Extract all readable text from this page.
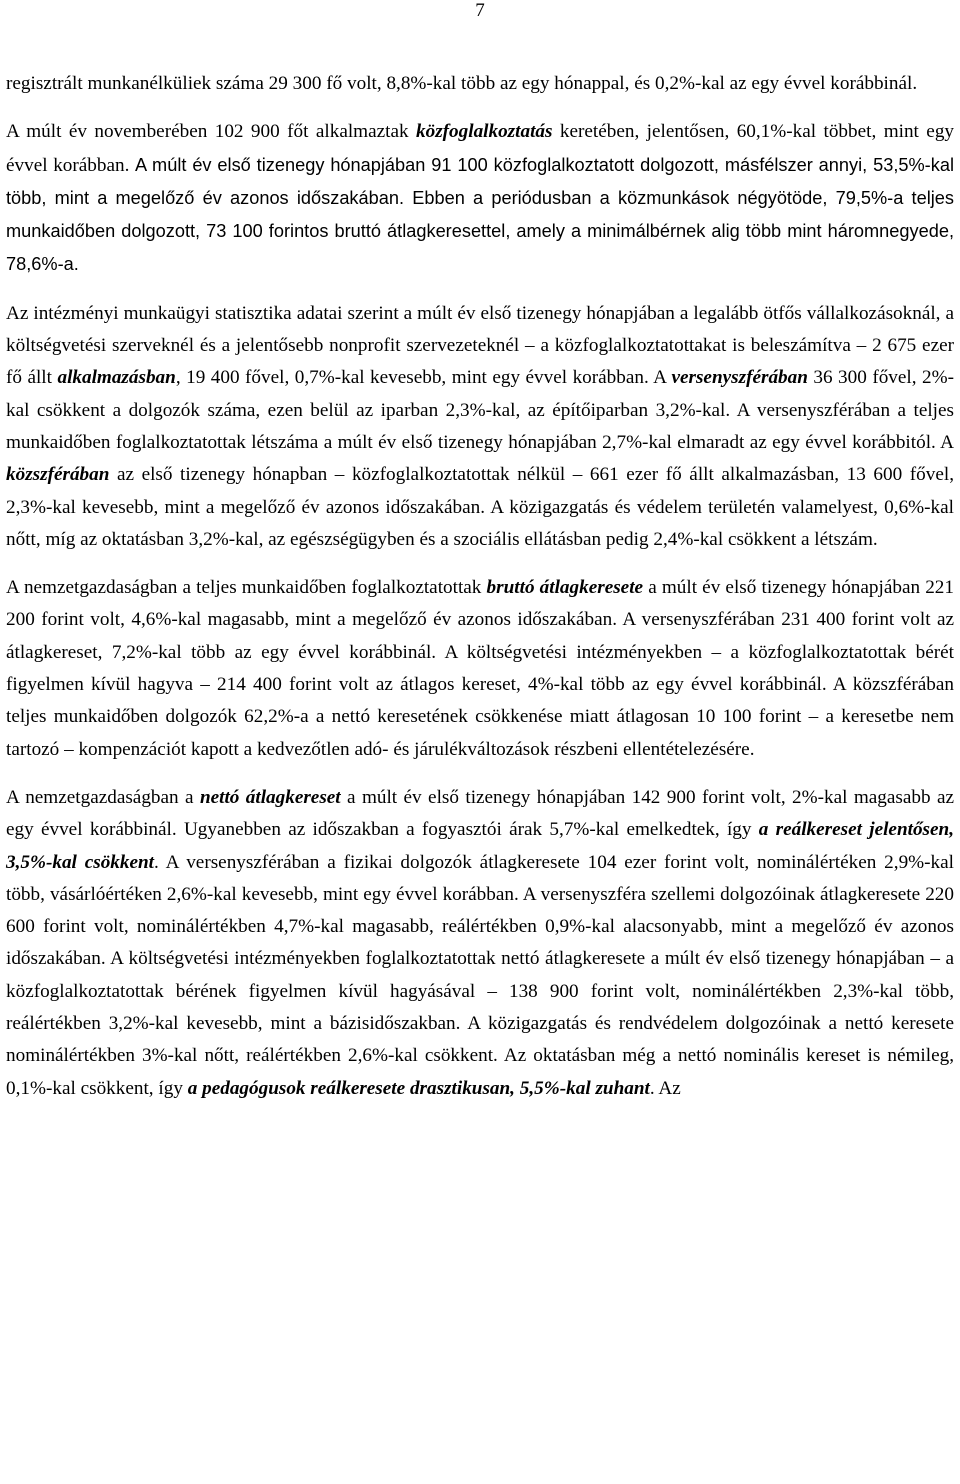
7

regisztrált munkanélküliek száma 29 300 fő volt, 8,8%-kal több az egy hónappal, és 0,2%-kal az egy évvel korábbinál.

A múlt év novemberében 102 900 főt alkalmaztak közfoglalkoztatás keretében, jelentősen, 60,1%-kal többet, mint egy évvel korábban. A múlt év első tizenegy hónapjában 91 100 közfoglalkoztatott dolgozott, másfélszer annyi, 53,5%-kal több, mint a megelőző év azonos időszakában. Ebben a periódusban a közmunkások négyötöde, 79,5%-a teljes munkaidőben dolgozott, 73 100 forintos bruttó átlagkeresettel, amely a minimálbérnek alig több mint háromnegyede, 78,6%-a.

Az intézményi munkaügyi statisztika adatai szerint a múlt év első tizenegy hónapjában a legalább ötfős vállalkozásoknál, a költségvetési szerveknél és a jelentősebb nonprofit szervezeteknél – a közfoglalkoztatottakat is beleszámítva – 2 675 ezer fő állt alkalmazásban, 19 400 fővel, 0,7%-kal kevesebb, mint egy évvel korábban. A versenyszférában 36 300 fővel, 2%-kal csökkent a dolgozók száma, ezen belül az iparban 2,3%-kal, az építőiparban 3,2%-kal. A versenyszférában a teljes munkaidőben foglalkoztatottak létszáma a múlt év első tizenegy hónapjában 2,7%-kal elmaradt az egy évvel korábbitól. A közszférában az első tizenegy hónapban – közfoglalkoztatottak nélkül – 661 ezer fő állt alkalmazásban, 13 600 fővel, 2,3%-kal kevesebb, mint a megelőző év azonos időszakában. A közigazgatás és védelem területén valamelyest, 0,6%-kal nőtt, míg az oktatásban 3,2%-kal, az egészségügyben és a szociális ellátásban pedig 2,4%-kal csökkent a létszám.

A nemzetgazdaságban a teljes munkaidőben foglalkoztatottak bruttó átlagkeresete a múlt év első tizenegy hónapjában 221 200 forint volt, 4,6%-kal magasabb, mint a megelőző év azonos időszakában. A versenyszférában 231 400 forint volt az átlagkereset, 7,2%-kal több az egy évvel korábbinál. A költségvetési intézményekben – a közfoglalkoztatottak bérét figyelmen kívül hagyva – 214 400 forint volt az átlagos kereset, 4%-kal több az egy évvel korábbinál. A közszférában teljes munkaidőben dolgozók 62,2%-a a nettó keresetének csökkenése miatt átlagosan 10 100 forint – a keresetbe nem tartozó – kompenzációt kapott a kedvezőtlen adó- és járulékváltozások részbeni ellentételezésére.

A nemzetgazdaságban a nettó átlagkereset a múlt év első tizenegy hónapjában 142 900 forint volt, 2%-kal magasabb az egy évvel korábbinál. Ugyanebben az időszakban a fogyasztói árak 5,7%-kal emelkedtek, így a reálkereset jelentősen, 3,5%-kal csökkent. A versenyszférában a fizikai dolgozók átlagkeresete 104 ezer forint volt, nominálértéken 2,9%-kal több, vásárlóértéken 2,6%-kal kevesebb, mint egy évvel korábban. A versenyszféra szellemi dolgozóinak átlagkeresete 220 600 forint volt, nominálértékben 4,7%-kal magasabb, reálértékben 0,9%-kal alacsonyabb, mint a megelőző év azonos időszakában. A költségvetési intézményekben foglalkoztatottak nettó átlagkeresete a múlt év első tizenegy hónapjában – a közfoglalkoztatottak bérének figyelmen kívül hagyásával – 138 900 forint volt, nominálértékben 2,3%-kal több, reálértékben 3,2%-kal kevesebb, mint a bázisidőszakban. A közigazgatás és rendvédelem dolgozóinak a nettó keresete nominálértékben 3%-kal nőtt, reálértékben 2,6%-kal csökkent. Az oktatásban még a nettó nominális kereset is némileg, 0,1%-kal csökkent, így a pedagógusok reálkeresete drasztikusan, 5,5%-kal zuhant. Az
